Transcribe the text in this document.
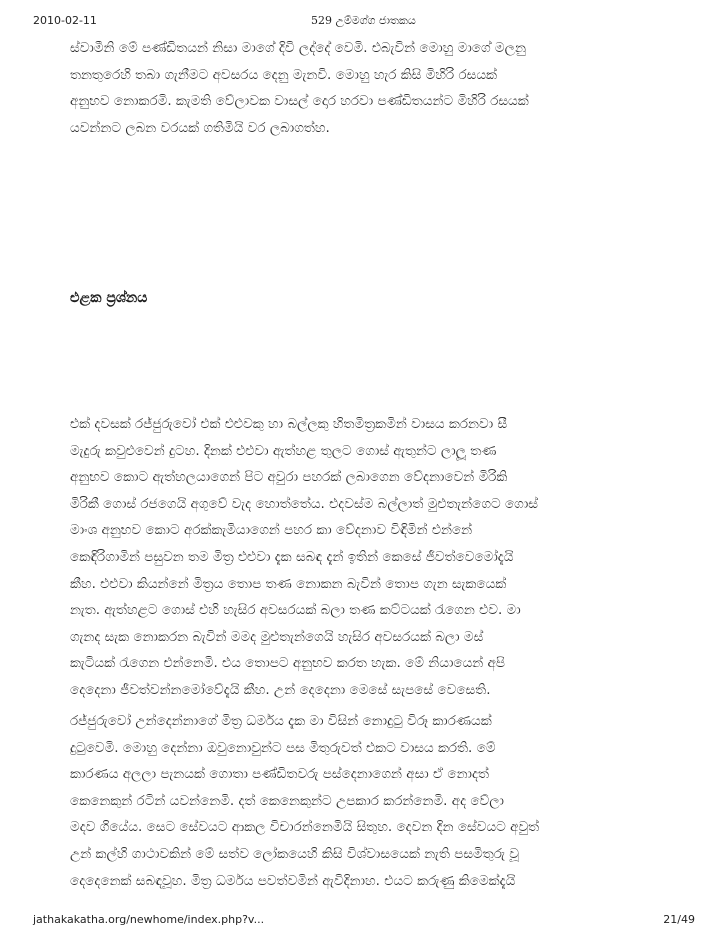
2010-02-11	529 උම්මග්ග ජාතකය
ස්වාමීනි මේ පණ්ඩිතයන් නිසා මාගේ දිවි ලද්දේ වෙමි. එබැවින් මොහු මාගේ මලනු
තනතුරෙහි තබා ගැනීමට අවසරය දෙනු මැනවි. මොහු හැර කිසි මිහිරි රසයක්
අනුභව නොකරමි. කැමති වේලාවක වාසල් දොර හරවා පණ්ඩිතයන්ට මිහිරි රසයක්
යවන්නට ලබන වරයක් ගතිමියි වර ලබාගත්හ.
එළක ප්‍රශ්නය
එක් දවසක් රජ්ජුරුවෝ එක් එළුවකු හා බල්ලකු හිතමිත්‍රකමින් වාසය කරනවා සී
මැදුරු කවුළුවෙන් දුටහ. දිනක් එළුවා ඇත්හළ තුලට ගොස් ඇතුන්ට ලාලූ තණ
අනුභව කොට ඇත්හලයාගෙන් පිට අවුරා පහරක් ලබාගෙන වේදනාවෙන් මිරිකි
මිරිකී ගොස් රජගෙයි අගුවේ වැද හොත්තේය. එදවස්ම බල්ලාත් මුළුතැන්ගෙට ගොස්
මාංශ අනුභව කොට අරක්කැමියාගෙන් පහර කා වේදනාව විඳිමින් එන්නේ
කෙඳිරිගාමින් පසුවන තම මිත්‍ර එළුවා දැක සබඳ දැන් ඉතින් කෙසේ ජීවත්වෙමෝදැයි
කීහ. එළුවා කියන්නේ මිත්‍රය තොප තණ නොකන බැවින් තොප ගැන සැකයෙක්
නැත. ඇත්හළට ගොස් එහි හැසිර අවසරයක් බලා තණ කට්ටයක් රැගෙන එව. මා
ගැනද සැක නොකරන බැවින් මමද මුළුතැන්ගෙයි හැසිර අවසරයක් බලා මස්
කැටියක් රැගෙන එන්නෙමි. එය තොපට අනුභව කරත හැක. මේ නියායෙන් අපි
දෙදෙනා ජීවත්වන්නමෝවේදැයි කීහ. උන් දෙදෙනා මෙසේ සැපසේ වෙසෙති.
රජ්ජුරුවෝ උන්දෙන්නාගේ මිත්‍ර ධර්මය දැක මා විසින් නොදුටු විරූ කාරණයක්
දුටුවෙමි. මොහු දෙන්නා ඔවුනොවුන්ට පස මිතුරුවත් එකට වාසය කරති. මේ
කාරණය අලලා පැනයක් ගොතා පණ්ඩිතවරු පස්දෙනාගෙන් අසා ඒ නොදත්
කෙනෙකුන් රටින් යවන්නෙමි. දත් කෙනෙකුන්ට උපකාර කරන්නෙමි. අද වේලා
මදව ගියේය. සෙට සේවයට ආකල විචාරන්නෙමියි සිතුහ. දෙවන දින සේවයට අවුත්
උන් කල්හි ගාථාවකින් මේ සත්ව ලෝකයෙහි කිසි විශ්වාසයෙක් නැති පසමිතුරු වූ
දෙදෙනෙක් සබඳවූහ. මිත්‍ර ධර්මය පවත්වමින් ඇවිදිනාහ. එයට කරුණු කිමෙක්දැයි
jathakakatha.org/newhome/index.php?v...	21/49
